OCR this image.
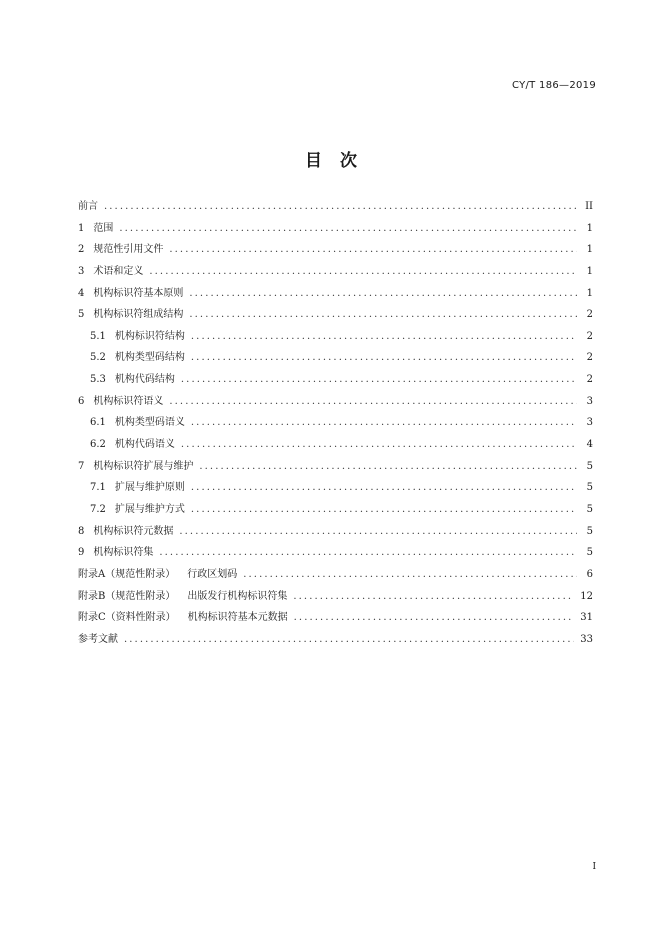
CY/T 186—2019
目次
前言 .....	II
1 范围 .....	1
2 规范性引用文件 .....	1
3 术语和定义 .....	1
4 机构标识符基本原则 .....	1
5 机构标识符组成结构 .....	2
5.1 机构标识符结构 .....	2
5.2 机构类型码结构 .....	2
5.3 机构代码结构 .....	2
6 机构标识符语义 .....	3
6.1 机构类型码语义 .....	3
6.2 机构代码语义 .....	4
7 机构标识符扩展与维护 .....	5
7.1 扩展与维护原则 .....	5
7.2 扩展与维护方式 .....	5
8 机构标识符元数据 .....	5
9 机构标识符集 .....	5
附录A（规范性附录） 行政区划码 .....	6
附录B（规范性附录） 出版发行机构标识符集 .....	12
附录C（资料性附录） 机构标识符基本元数据 .....	31
参考文献 .....	33
I
